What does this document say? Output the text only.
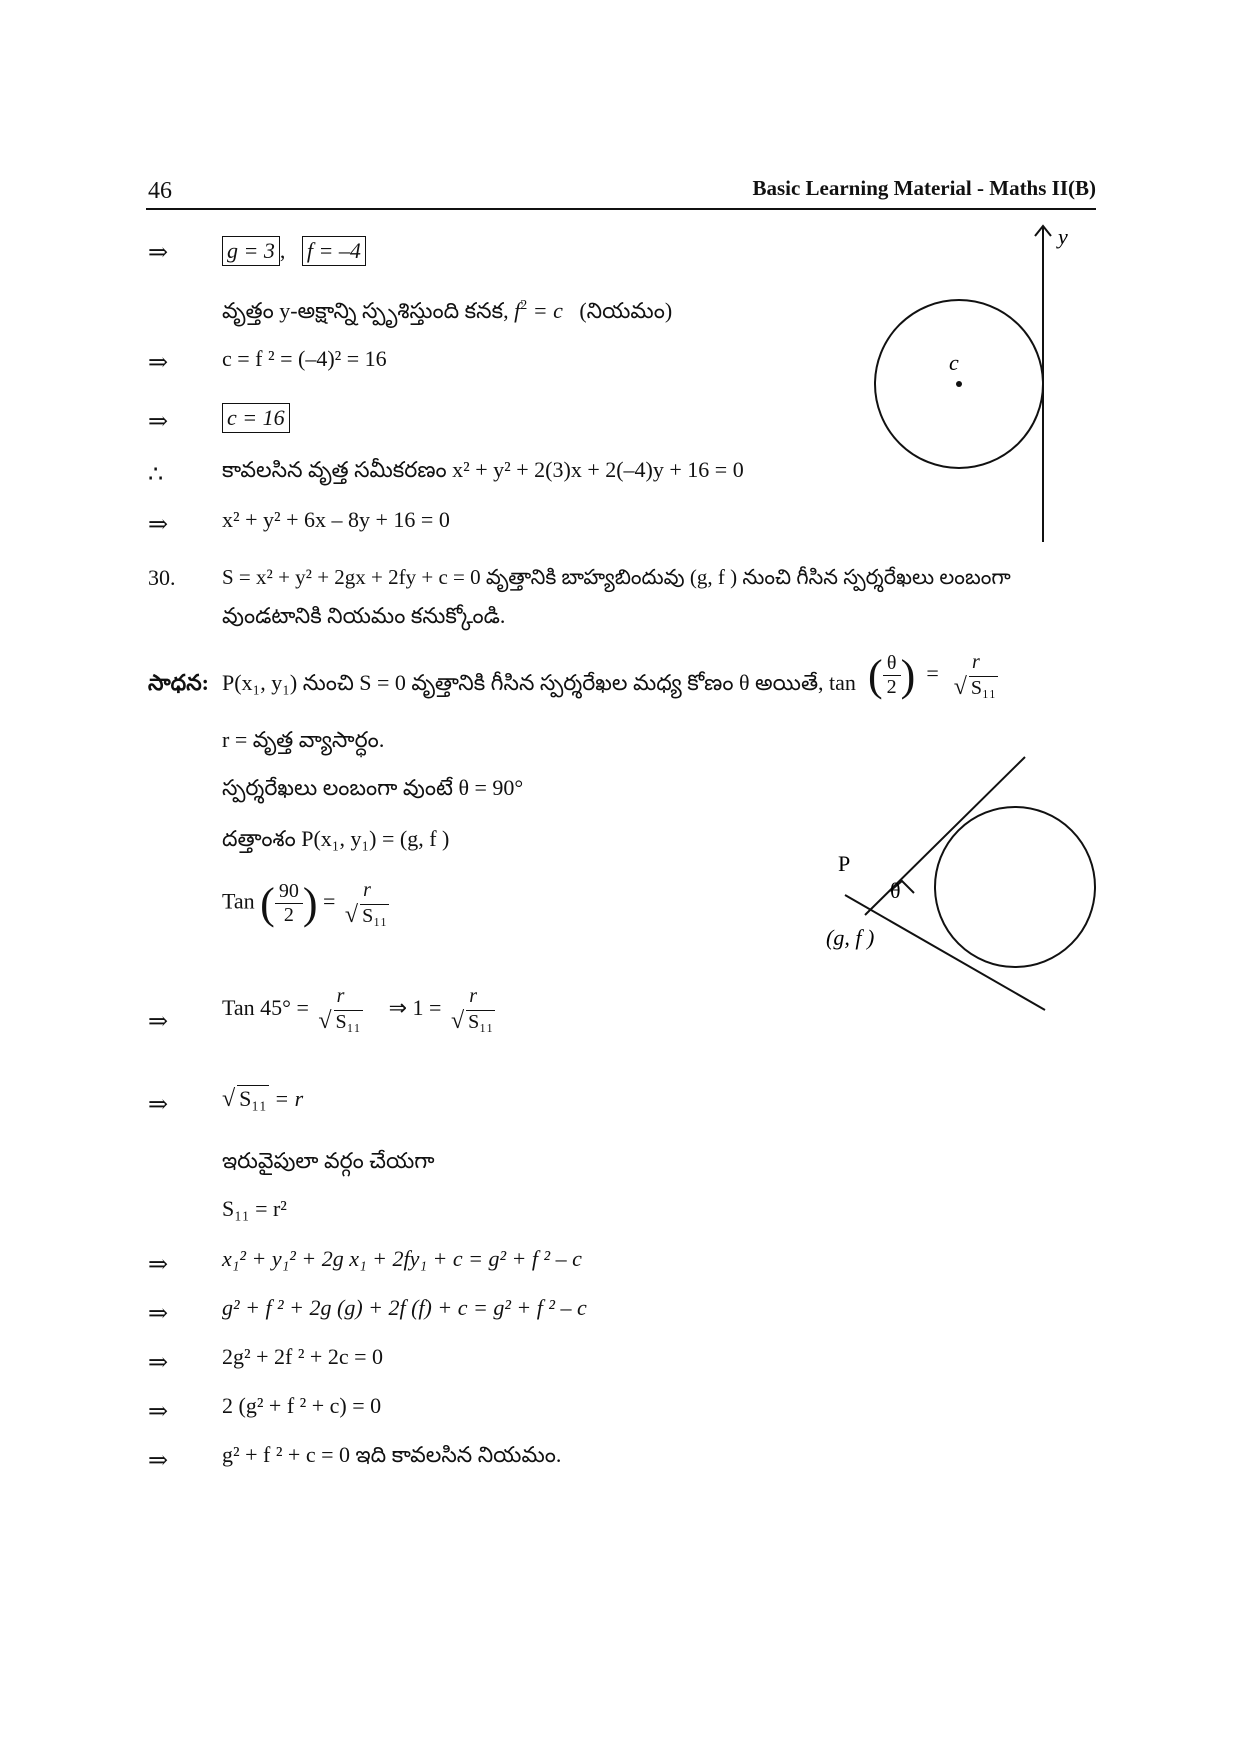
46	Basic Learning Material - Maths II(B)
⇒	g = 3 , f = –4
వృత్తం y-అక్షాన్ని స్పృశిస్తుంది కనక, $f^2 = c$ (నియమం)
⇒ c = f ² = (–4)² = 16
⇒	c = 16
∴	కావలసిన వృత్త సమీకరణం x² + y² + 2(3)x + 2(–4)y + 16 = 0
⇒ x² + y² + 6x – 8y + 16 = 0
y
c
30. S = x² + y² + 2gx + 2fy + c = 0 వృత్తానికి బాహ్యబిందువు (g, f ) నుంచి గీసిన స్పర్శరేఖలు లంబంగా
వుండటానికి నియమం కనుక్కోండి.
సాధన: P(x₁, y₁) నుంచి S = 0 వృత్తానికి గీసిన స్పర్శరేఖల మధ్య కోణం θ అయితే, tan ( $\frac{\theta}{2}$ ) =	r
√ S₁₁
r = వృత్త వ్యాసార్ధం.
స్పర్శరేఖలు లంబంగా వుంటే θ = 90°
దత్తాంశం P(x₁, y₁) = (g, f )
Tan ( $\frac{90}{2}$ ) =	r
√ S₁₁
⇒ Tan 45° =	r
√ S₁₁
⇒ 1 =	r
√ S₁₁
⇒ √ S₁₁ = r
ఇరువైపులా వర్గం చేయగా
S₁₁ = r²
⇒ x₁² + y₁² + 2g x₁ + 2fy₁ + c = g² + f ² – c
⇒ g² + f ² + 2g (g) + 2f (f) + c = g² + f ² – c
⇒ 2g² + 2f ² + 2c = 0
⇒ 2 (g² + f ² + c) = 0
⇒ g² + f ² + c = 0 ఇది కావలసిన నియమం.
P
θ
(g, f )
